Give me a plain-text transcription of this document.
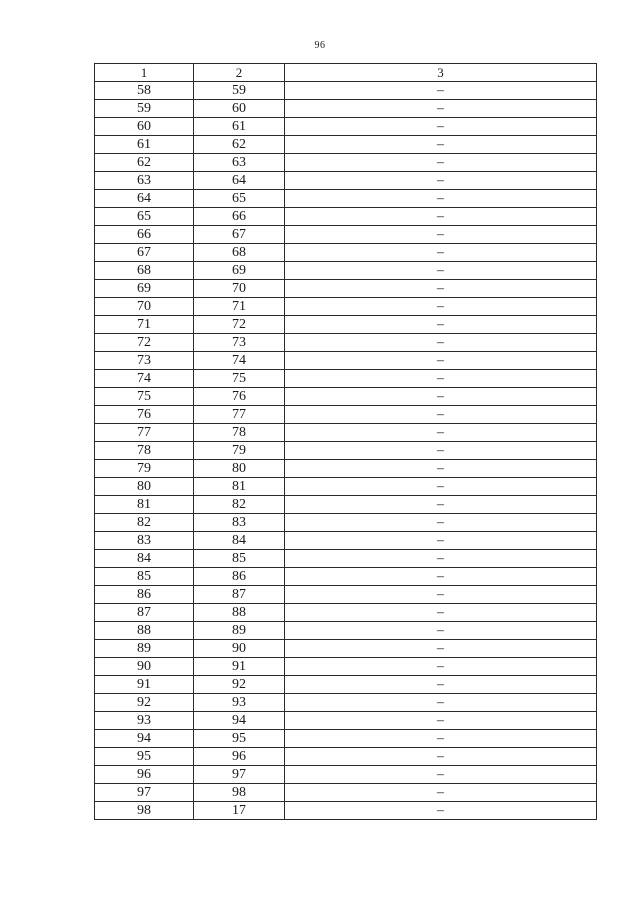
96
1	2	3
58	59	–
59	60	–
60	61	–
61	62	–
62	63	–
63	64	–
64	65	–
65	66	–
66	67	–
67	68	–
68	69	–
69	70	–
70	71	–
71	72	–
72	73	–
73	74	–
74	75	–
75	76	–
76	77	–
77	78	–
78	79	–
79	80	–
80	81	–
81	82	–
82	83	–
83	84	–
84	85	–
85	86	–
86	87	–
87	88	–
88	89	–
89	90	–
90	91	–
91	92	–
92	93	–
93	94	–
94	95	–
95	96	–
96	97	–
97	98	–
98	17	–
